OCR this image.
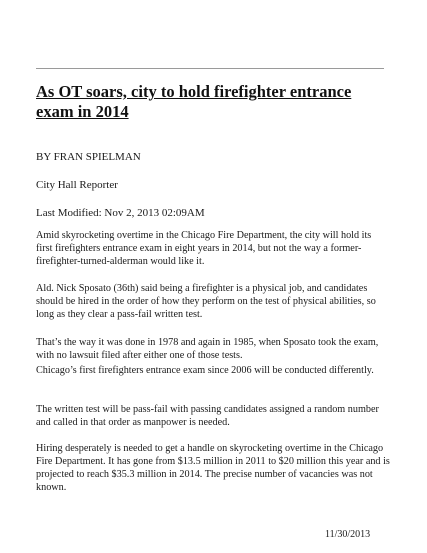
As OT soars, city to hold firefighter entrance exam in 2014

BY FRAN SPIELMAN

City Hall Reporter

Last Modified: Nov 2, 2013 02:09AM

Amid skyrocketing overtime in the Chicago Fire Department, the city will hold its first firefighters entrance exam in eight years in 2014, but not the way a former-firefighter-turned-alderman would like it.

Ald. Nick Sposato (36th) said being a firefighter is a physical job, and candidates should be hired in the order of how they perform on the test of physical abilities, so long as they clear a pass-fail written test.

That’s the way it was done in 1978 and again in 1985, when Sposato took the exam, with no lawsuit filed after either one of those tests.

Chicago’s first firefighters entrance exam since 2006 will be conducted differently.

The written test will be pass-fail with passing candidates assigned a random number and called in that order as manpower is needed.

Hiring desperately is needed to get a handle on skyrocketing overtime in the Chicago Fire Department. It has gone from $13.5 million in 2011 to $20 million this year and is projected to reach $35.3 million in 2014. The precise number of vacancies was not known.

11/30/2013
